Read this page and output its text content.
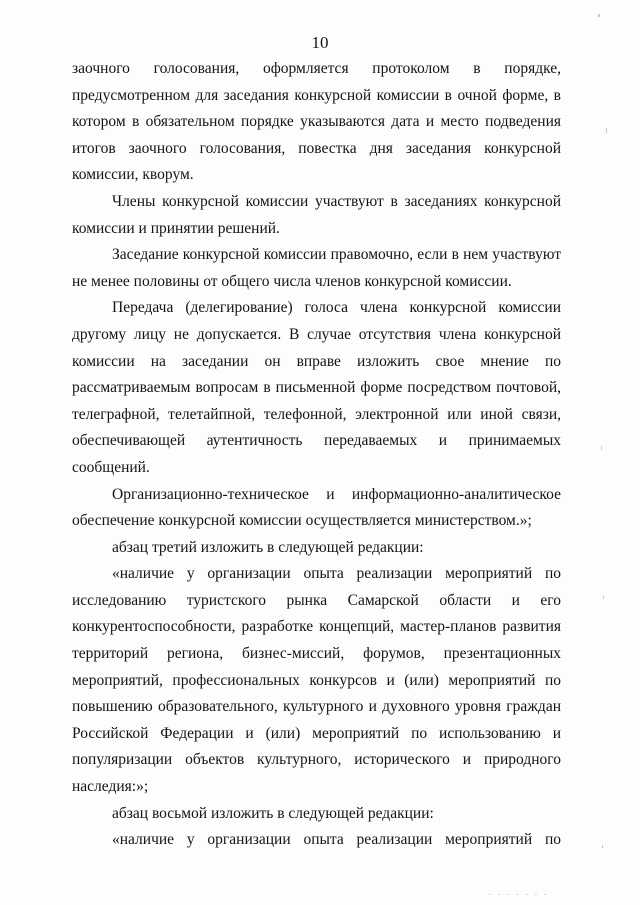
10

заочного голосования, оформляется протоколом в порядке, предусмотренном для заседания конкурсной комиссии в очной форме, в котором в обязательном порядке указываются дата и место подведения итогов заочного голосования, повестка дня заседания конкурсной комиссии, кворум.

Члены конкурсной комиссии участвуют в заседаниях конкурсной комиссии и принятии решений.

Заседание конкурсной комиссии правомочно, если в нем участвуют не менее половины от общего числа членов конкурсной комиссии.

Передача (делегирование) голоса члена конкурсной комиссии другому лицу не допускается. В случае отсутствия члена конкурсной комиссии на заседании он вправе изложить свое мнение по рассматриваемым вопросам в письменной форме посредством почтовой, телеграфной, телетайпной, телефонной, электронной или иной связи, обеспечивающей аутентичность передаваемых и принимаемых сообщений.

Организационно-техническое и информационно-аналитическое обеспечение конкурсной комиссии осуществляется министерством.»;

абзац третий изложить в следующей редакции:

«наличие у организации опыта реализации мероприятий по исследованию туристского рынка Самарской области и его конкурентоспособности, разработке концепций, мастер-планов развития территорий региона, бизнес-миссий, форумов, презентационных мероприятий, профессиональных конкурсов и (или) мероприятий по повышению образовательного, культурного и духовного уровня граждан Российской Федерации и (или) мероприятий по использованию и популяризации объектов культурного, исторического и природного наследия:»;

абзац восьмой изложить в следующей редакции:

«наличие у организации опыта реализации мероприятий по

. . . . . . .
